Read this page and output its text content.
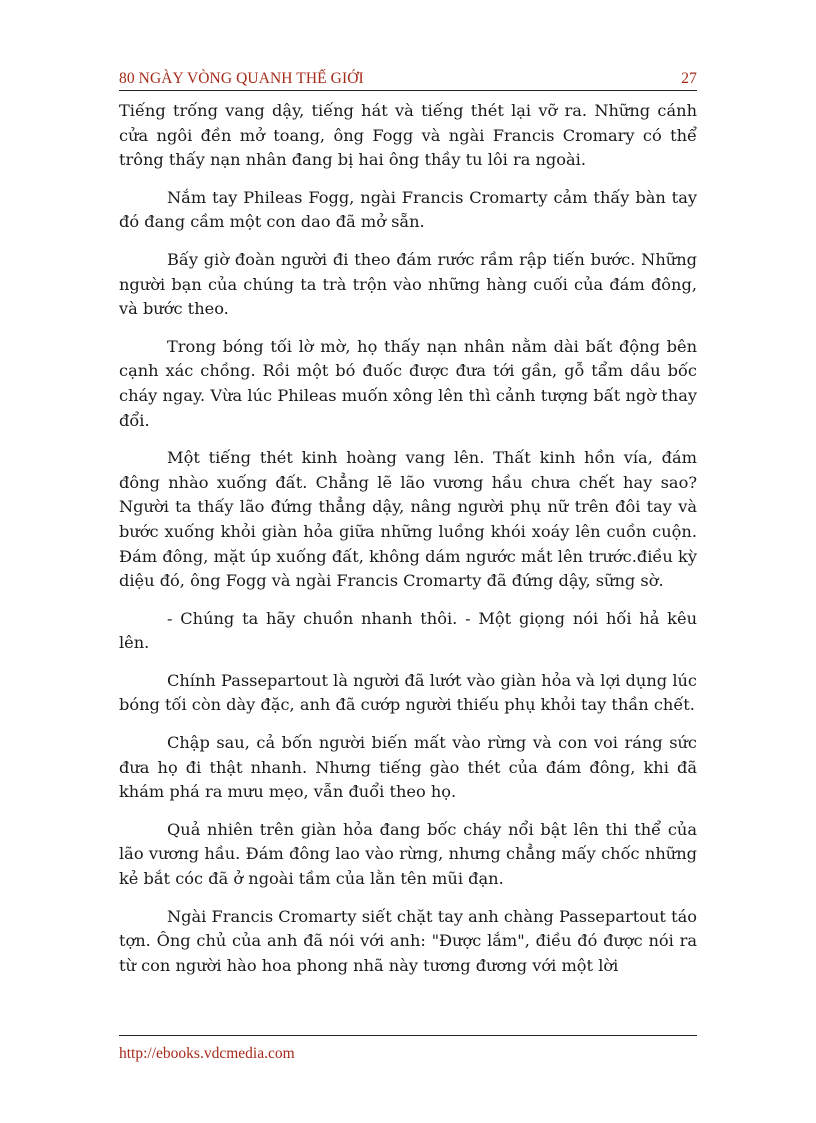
80 NGÀY VÒNG QUANH THẾ GIỚI	27

Tiếng trống vang dậy, tiếng hát và tiếng thét lại vỡ ra. Những cánh cửa ngôi đền mở toang, ông Fogg và ngài Francis Cromary có thể trông thấy nạn nhân đang bị hai ông thầy tu lôi ra ngoài.

Nắm tay Phileas Fogg, ngài Francis Cromarty cảm thấy bàn tay đó đang cầm một con dao đã mở sẵn.

Bấy giờ đoàn người đi theo đám rước rầm rập tiến bước. Những người bạn của chúng ta trà trộn vào những hàng cuối của đám đông, và bước theo.

Trong bóng tối lờ mờ, họ thấy nạn nhân nằm dài bất động bên cạnh xác chồng. Rồi một bó đuốc được đưa tới gần, gỗ tẩm dầu bốc cháy ngay. Vừa lúc Phileas muốn xông lên thì cảnh tượng bất ngờ thay đổi.

Một tiếng thét kinh hoàng vang lên. Thất kinh hồn vía, đám đông nhào xuống đất. Chẳng lẽ lão vương hầu chưa chết hay sao? Người ta thấy lão đứng thẳng dậy, nâng người phụ nữ trên đôi tay và bước xuống khỏi giàn hỏa giữa những luồng khói xoáy lên cuồn cuộn. Đám đông, mặt úp xuống đất, không dám ngước mắt lên trước.điều kỳ diệu đó, ông Fogg và ngài Francis Cromarty đã đứng dậy, sững sờ.

- Chúng ta hãy chuồn nhanh thôi. - Một giọng nói hối hả kêu lên.

Chính Passepartout là người đã lướt vào giàn hỏa và lợi dụng lúc bóng tối còn dày đặc, anh đã cướp người thiếu phụ khỏi tay thần chết.

Chập sau, cả bốn người biến mất vào rừng và con voi ráng sức đưa họ đi thật nhanh. Nhưng tiếng gào thét của đám đông, khi đã khám phá ra mưu mẹo, vẫn đuổi theo họ.

Quả nhiên trên giàn hỏa đang bốc cháy nổi bật lên thi thể của lão vương hầu. Đám đông lao vào rừng, nhưng chẳng mấy chốc những kẻ bắt cóc đã ở ngoài tầm của lằn tên mũi đạn.

Ngài Francis Cromarty siết chặt tay anh chàng Passepartout táo tợn. Ông chủ của anh đã nói với anh: "Được lắm", điều đó được nói ra từ con người hào hoa phong nhã này tương đương với một lời

http://ebooks.vdcmedia.com
